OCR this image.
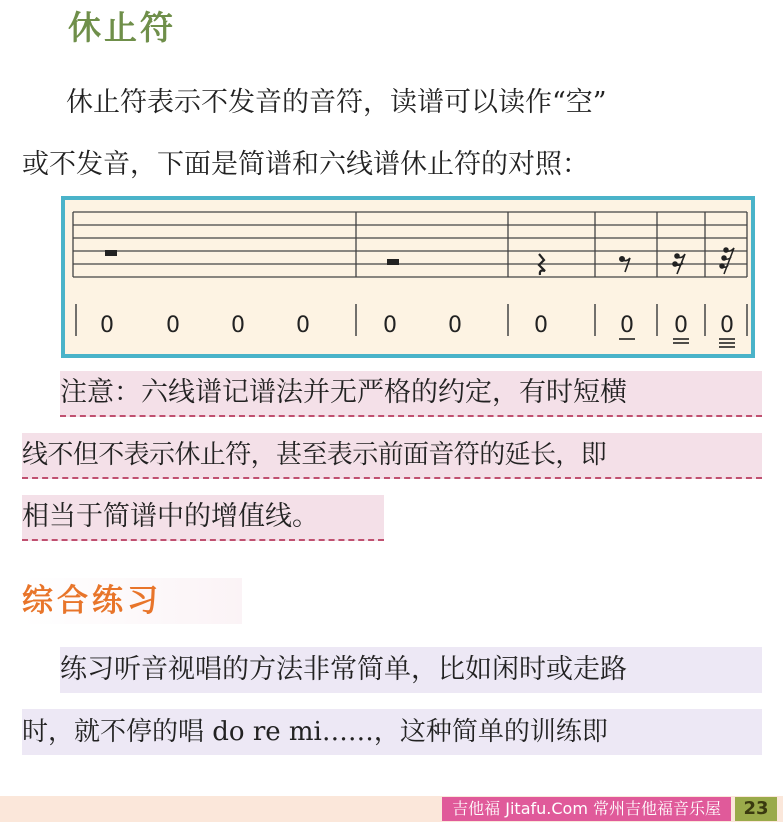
休止符
休止符表示不发音的音符，读谱可以读作“空”
或不发音，下面是简谱和六线谱休止符的对照：
0 0 0 0	0 0	0	0 0 0
注意：六线谱记谱法并无严格的约定，有时短横
线不但不表示休止符，甚至表示前面音符的延长，即
相当于简谱中的增值线。
综合练习
练习听音视唱的方法非常简单，比如闲时或走路
时，就不停的唱 do re mi……，这种简单的训练即
吉他福 Jitafu.Com 常州吉他福音乐屋	23
